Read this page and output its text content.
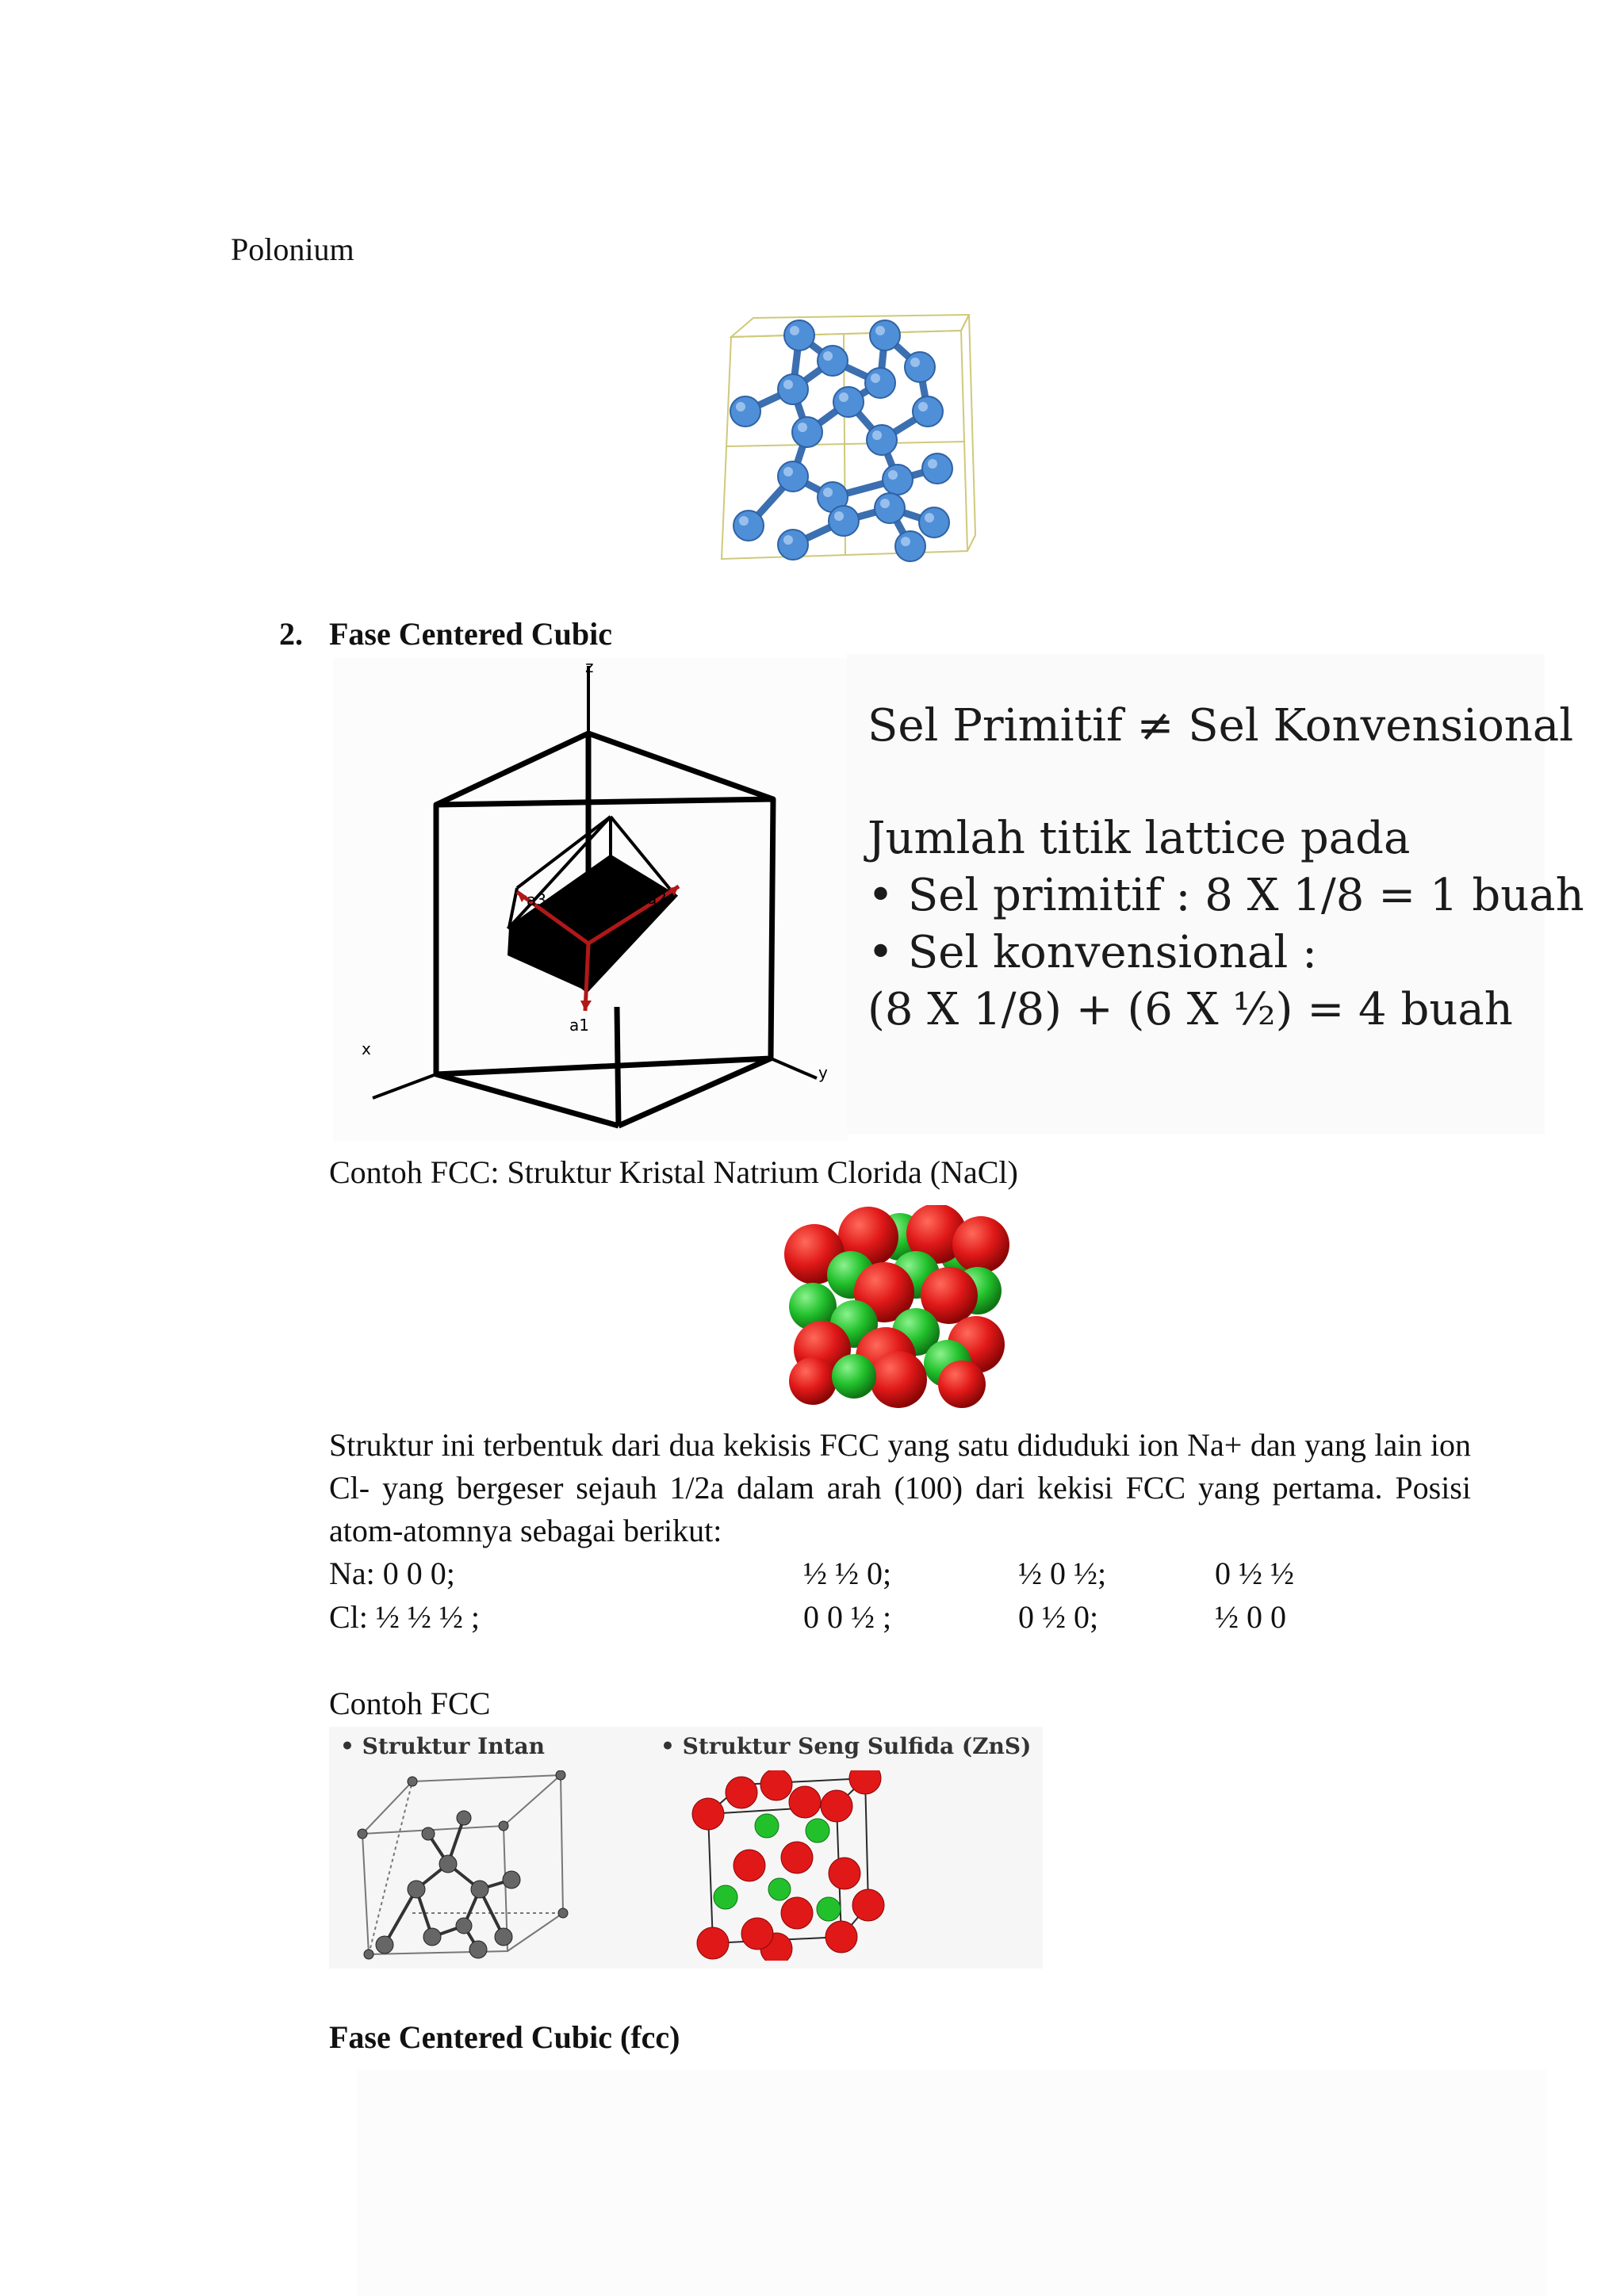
Polonium
2. Fase Centered Cubic
z
x
y
a3	a2
a1
Sel Primitif ≠ Sel Konvensional
Jumlah titik lattice pada
• Sel primitif : 8 X 1/8 = 1 buah
• Sel konvensional :
(8 X 1/8) + (6 X ½) = 4 buah
Contoh FCC: Struktur Kristal Natrium Clorida (NaCl)
Struktur ini terbentuk dari dua kekisis FCC yang satu diduduki ion Na+ dan yang lain ion Cl- yang bergeser sejauh 1/2a dalam arah (100) dari kekisi FCC yang pertama. Posisi atom-atomnya sebagai berikut:
Na: 0 0 0;	½ ½ 0;	½ 0 ½;	0 ½ ½
Cl: ½ ½ ½ ;	0 0 ½ ;	0 ½ 0;	½ 0 0
Contoh FCC
• Struktur Intan	• Struktur Seng Sulfida (ZnS)
Fase Centered Cubic (fcc)
